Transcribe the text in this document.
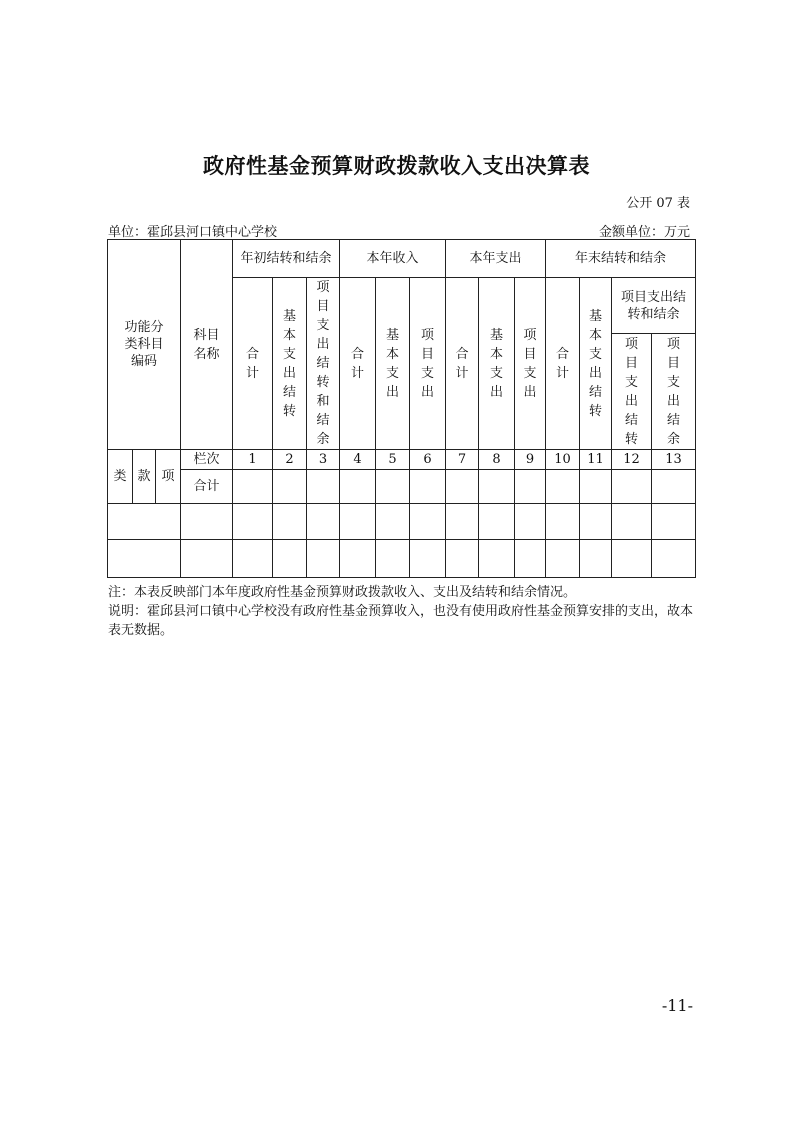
政府性基金预算财政拨款收入支出决算表
公开 07 表
单位：霍邱县河口镇中心学校	金额单位：万元
功能分类科目编码			科目名称	年初结转和结余			本年收入			本年支出			年末结转和结余			
				合计	基本支出结转	项目支出结转和结余	合计	基本支出	项目支出	合计	基本支出	项目支出	合计	基本支出结转	项目支出结转和结余	
															项目支出结转	项目支出结余
类	款	项	栏次	1	2	3	4	5	6	7	8	9	10	11	12	13
			合计													

注：本表反映部门本年度政府性基金预算财政拨款收入、支出及结转和结余情况。

说明：霍邱县河口镇中心学校没有政府性基金预算收入，也没有使用政府性基金预算安排的支出，故本表无数据。

-11-
